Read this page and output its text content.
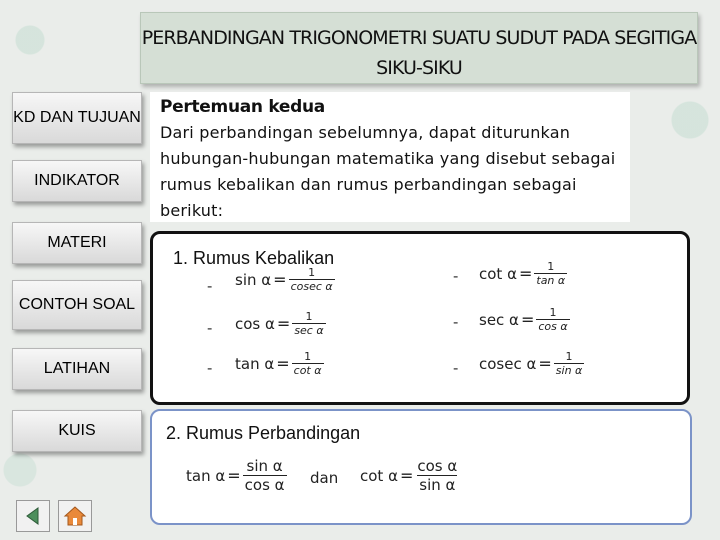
PERBANDINGAN TRIGONOMETRI SUATU SUDUT PADA SEGITIGA SIKU-SIKU
KD DAN TUJUAN
INDIKATOR
MATERI
CONTOH SOAL
LATIHAN
KUIS
Pertemuan kedua
Dari perbandingan sebelumnya, dapat diturunkan hubungan-hubungan matematika yang disebut sebagai rumus kebalikan dan rumus perbandingan sebagai berikut:
1. Rumus Kebalikan
- $\sin \alpha = \frac{1}{\text{cosec α}}$
- $\cos \alpha = \frac{1}{\text{sec α}}$
- $\tan \alpha = \frac{1}{\text{cot α}}$
- $\cot \alpha = \frac{1}{\text{tan α}}$
- $\sec \alpha = \frac{1}{\text{cos α}}$
- cosec $\alpha = \frac{1}{\text{sin α}}$
2. Rumus Perbandingan
$\tan \alpha = \frac{\text{sin α}}{\text{cos α}}$ dan $\cot \alpha = \frac{\text{cos α}}{\text{sin α}}$
